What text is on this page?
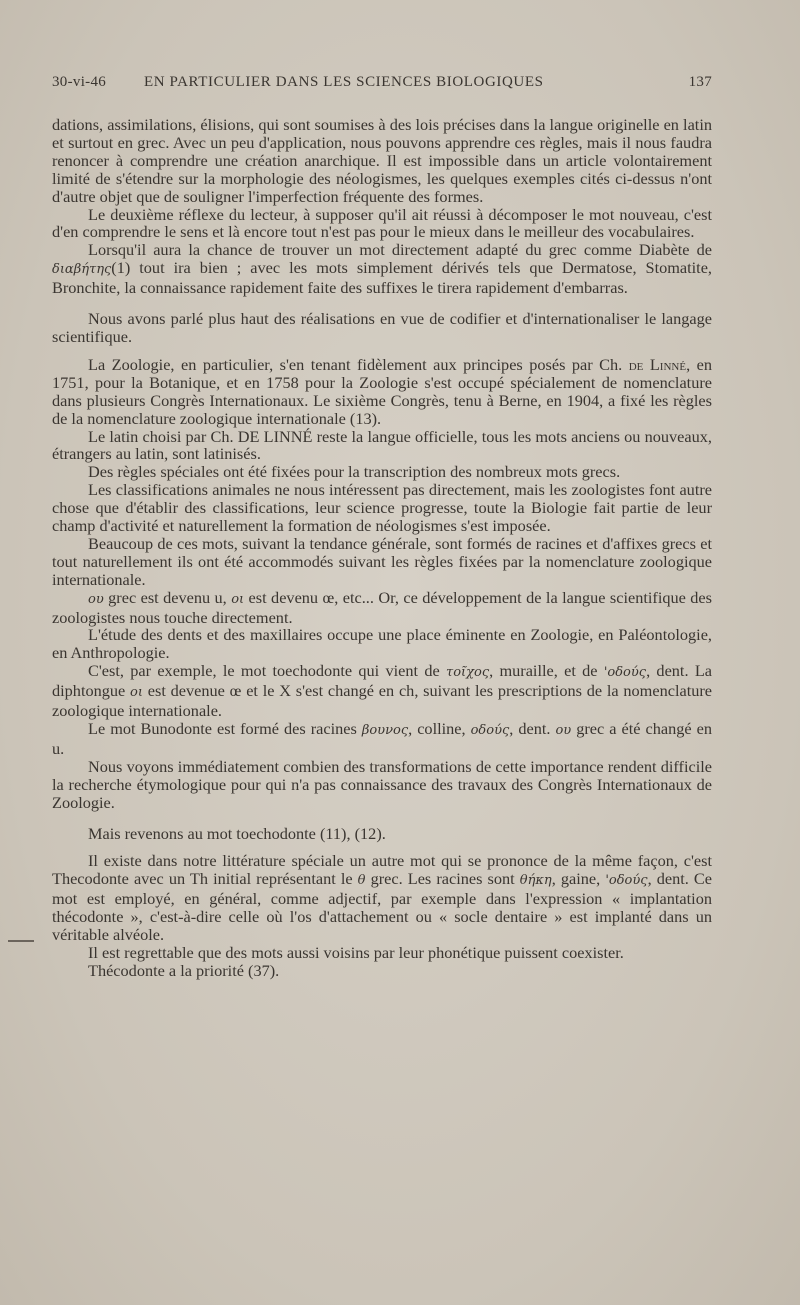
30-vi-46	EN PARTICULIER DANS LES SCIENCES BIOLOGIQUES	137

dations, assimilations, élisions, qui sont soumises à des lois précises dans la langue originelle en latin et surtout en grec. Avec un peu d'application, nous pouvons apprendre ces règles, mais il nous faudra renoncer à comprendre une création anarchique. Il est impossible dans un article volontairement limité de s'étendre sur la morphologie des néologismes, les quelques exemples cités ci-dessus n'ont d'autre objet que de souligner l'imperfection fréquente des formes.

Le deuxième réflexe du lecteur, à supposer qu'il ait réussi à décomposer le mot nouveau, c'est d'en comprendre le sens et là encore tout n'est pas pour le mieux dans le meilleur des vocabulaires.

Lorsqu'il aura la chance de trouver un mot directement adapté du grec comme Diabète de διαβήτης(1) tout ira bien ; avec les mots simplement dérivés tels que Dermatose, Stomatite, Bronchite, la connaissance rapidement faite des suffixes le tirera rapidement d'embarras.

Nous avons parlé plus haut des réalisations en vue de codifier et d'internationaliser le langage scientifique.

La Zoologie, en particulier, s'en tenant fidèlement aux principes posés par Ch. de Linné, en 1751, pour la Botanique, et en 1758 pour la Zoologie s'est occupé spécialement de nomenclature dans plusieurs Congrès Internationaux. Le sixième Congrès, tenu à Berne, en 1904, a fixé les règles de la nomenclature zoologique internationale (13).

Le latin choisi par Ch. DE LINNÉ reste la langue officielle, tous les mots anciens ou nouveaux, étrangers au latin, sont latinisés.

Des règles spéciales ont été fixées pour la transcription des nombreux mots grecs.

Les classifications animales ne nous intéressent pas directement, mais les zoologistes font autre chose que d'établir des classifications, leur science progresse, toute la Biologie fait partie de leur champ d'activité et naturellement la formation de néologismes s'est imposée.

Beaucoup de ces mots, suivant la tendance générale, sont formés de racines et d'affixes grecs et tout naturellement ils ont été accommodés suivant les règles fixées par la nomenclature zoologique internationale.

ου grec est devenu u, οι est devenu œ, etc... Or, ce développement de la langue scientifique des zoologistes nous touche directement.

L'étude des dents et des maxillaires occupe une place éminente en Zoologie, en Paléontologie, en Anthropologie.

C'est, par exemple, le mot toechodonte qui vient de τοῖχος, muraille, et de 'οδούς, dent. La diphtongue οι est devenue œ et le X s'est changé en ch, suivant les prescriptions de la nomenclature zoologique internationale.

Le mot Bunodonte est formé des racines βουνος, colline, οδούς, dent. ου grec a été changé en u.

Nous voyons immédiatement combien des transformations de cette importance rendent difficile la recherche étymologique pour qui n'a pas connaissance des travaux des Congrès Internationaux de Zoologie.

Mais revenons au mot toechodonte (11), (12).

Il existe dans notre littérature spéciale un autre mot qui se prononce de la même façon, c'est Thecodonte avec un Th initial représentant le θ grec. Les racines sont θήκη, gaine, 'οδούς, dent. Ce mot est employé, en général, comme adjectif, par exemple dans l'expression « implantation thécodonte », c'est-à-dire celle où l'os d'attachement ou « socle dentaire » est implanté dans un véritable alvéole.

Il est regrettable que des mots aussi voisins par leur phonétique puissent coexister.

Thécodonte a la priorité (37).
